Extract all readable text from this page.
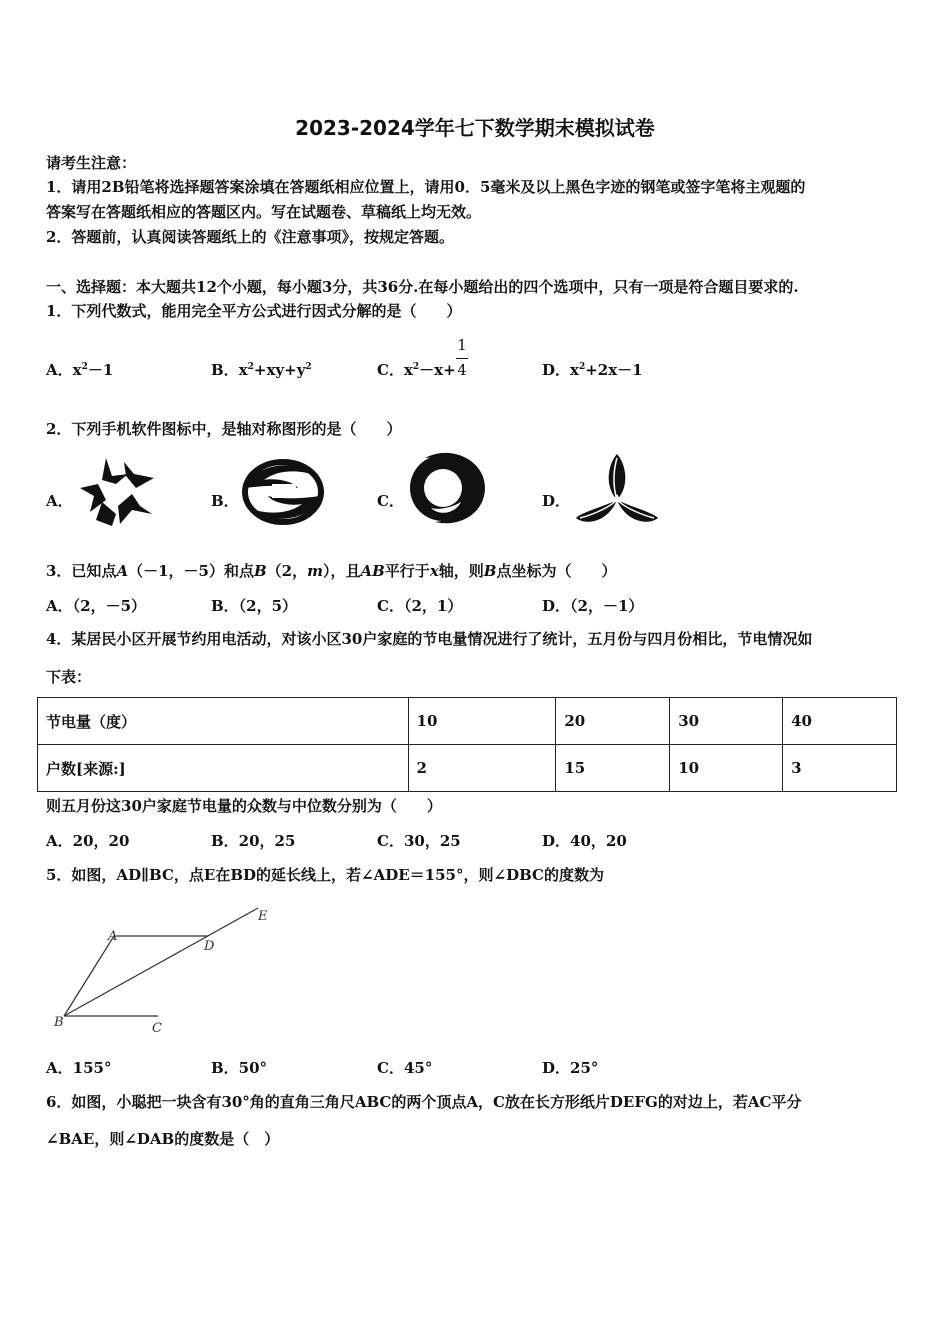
2023-2024学年七下数学期末模拟试卷
请考生注意：
1．请用2B铅笔将选择题答案涂填在答题纸相应位置上，请用0．5毫米及以上黑色字迹的钢笔或签字笔将主观题的
答案写在答题纸相应的答题区内。写在试题卷、草稿纸上均无效。
2．答题前，认真阅读答题纸上的《注意事项》，按规定答题。
一、选择题：本大题共12个小题，每小题3分，共36分.在每小题给出的四个选项中，只有一项是符合题目要求的.
1．下列代数式，能用完全平方公式进行因式分解的是（　　）
A．$x^2-1$	B．$x^2+xy+y^2$	C．$x^2-x+$
1
4	D．$x^2+2x-1$
2．下列手机软件图标中，是轴对称图形的是（　　）
A．	B．	C．	D．
3．已知点A（－1，－5）和点B（2，m），且AB平行于x轴，则B点坐标为（　　）
A．（2，－5）	B．（2，5）	C．（2，1）	D．（2，－1）
4．某居民小区开展节约用电活动，对该小区30户家庭的节电量情况进行了统计，五月份与四月份相比，节电情况如
下表：
节电量（度）	10	20	30	40
户数[来源:]	2	15	10	3
则五月份这30户家庭节电量的众数与中位数分别为（　　）
A．20，20	B．20，25	C．30，25	D．40，20
5．如图，AD∥BC，点E在BD的延长线上，若∠ADE＝155°，则∠DBC的度数为
A
B	C
D
E
A．155°	B．50°	C．45°	D．25°
6．如图，小聪把一块含有30°角的直角三角尺ABC的两个顶点A，C放在长方形纸片DEFG的对边上，若AC平分
∠BAE，则∠DAB的度数是（　）
